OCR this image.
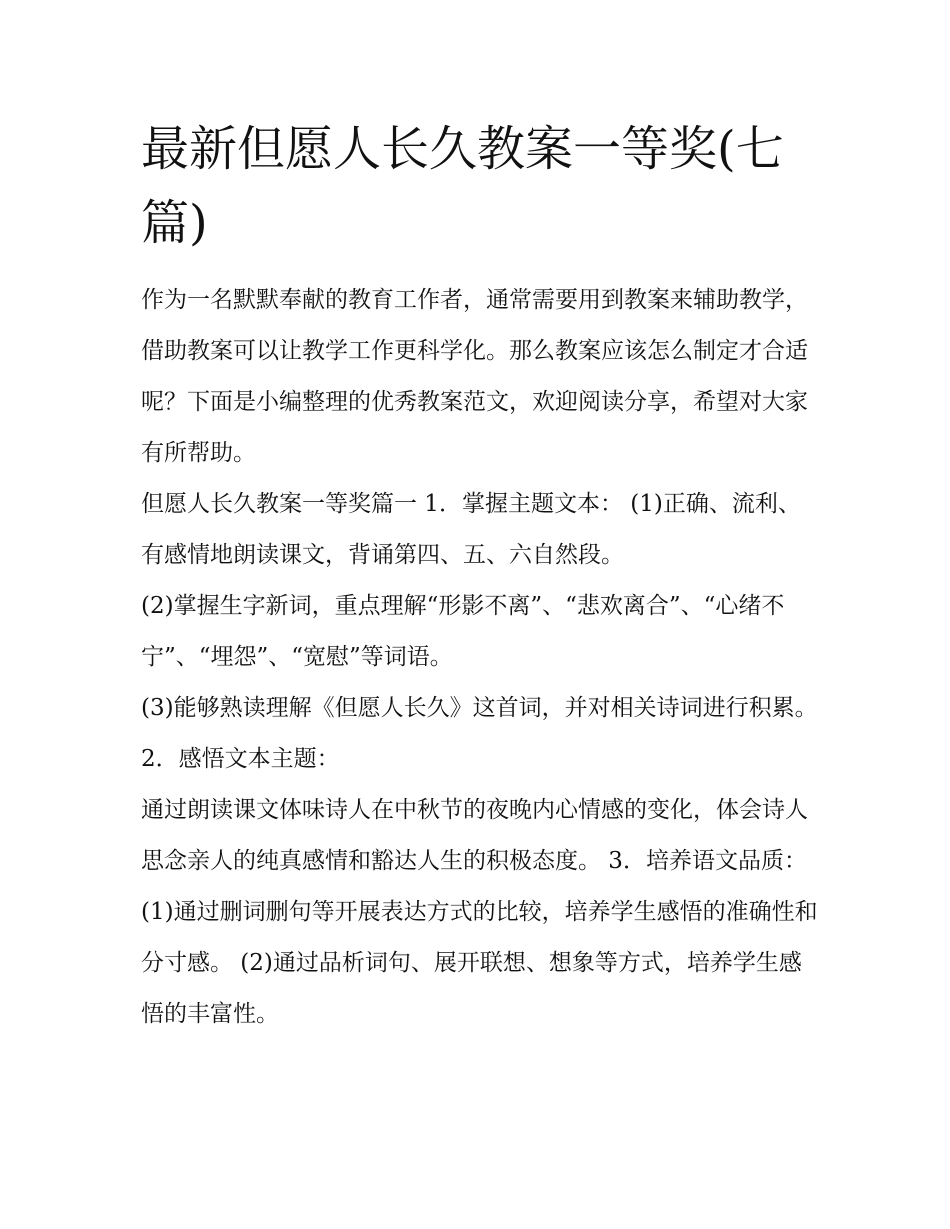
最新但愿人长久教案一等奖(七篇)

作为一名默默奉献的教育工作者，通常需要用到教案来辅助教学，借助教案可以让教学工作更科学化。那么教案应该怎么制定才合适呢？下面是小编整理的优秀教案范文，欢迎阅读分享，希望对大家有所帮助。

但愿人长久教案一等奖篇一 1．掌握主题文本： (1)正确、流利、有感情地朗读课文，背诵第四、五、六自然段。

(2)掌握生字新词，重点理解“形影不离”、“悲欢离合”、“心绪不宁”、“埋怨”、“宽慰”等词语。

(3)能够熟读理解《但愿人长久》这首词，并对相关诗词进行积累。 2．感悟文本主题：

通过朗读课文体味诗人在中秋节的夜晚内心情感的变化，体会诗人思念亲人的纯真感情和豁达人生的积极态度。 3．培养语文品质：

(1)通过删词删句等开展表达方式的比较，培养学生感悟的准确性和分寸感。 (2)通过品析词句、展开联想、想象等方式，培养学生感悟的丰富性。
